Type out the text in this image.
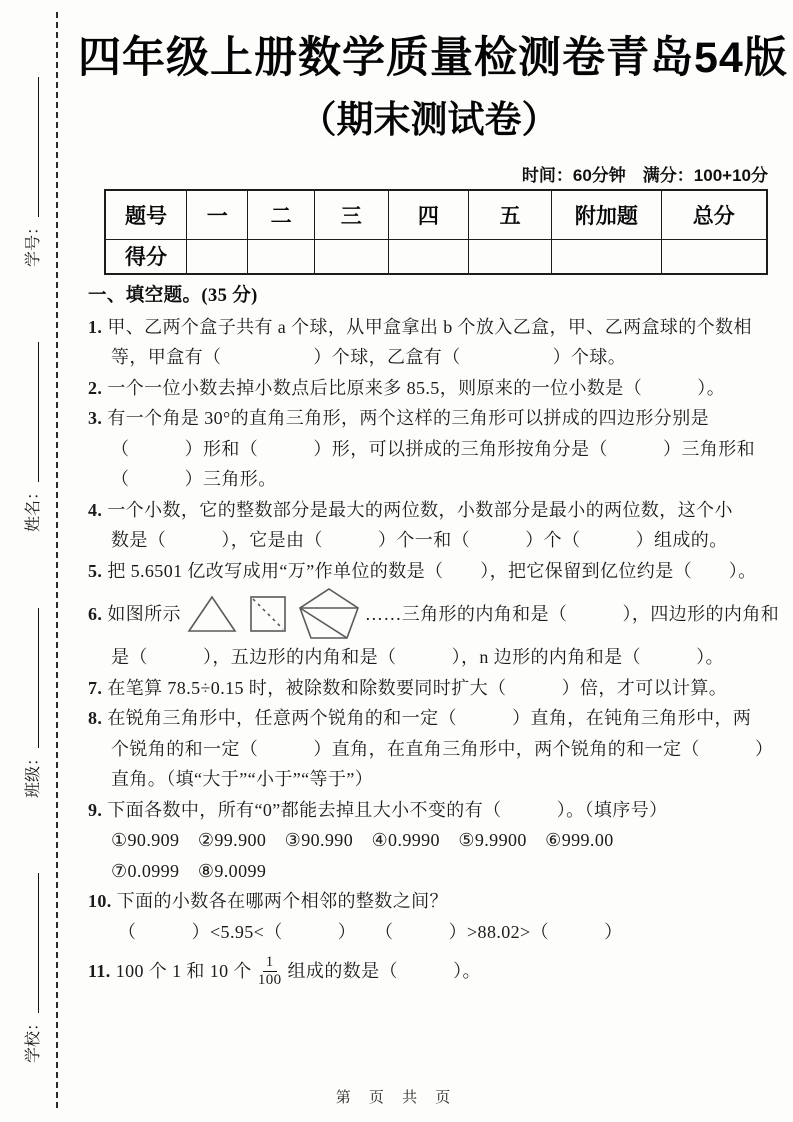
学号：
姓名：
班级：
学校：
四年级上册数学质量检测卷青岛54版
（期末测试卷）
时间：60分钟　满分：100+10分
题号	一	二	三	四	五	附加题	总分
得分							
一、填空题。(35 分)
1. 甲、乙两个盒子共有 a 个球，从甲盒拿出 b 个放入乙盒，甲、乙两盒球的个数相
等，甲盒有（　　　　　）个球，乙盒有（　　　　　）个球。
2. 一个一位小数去掉小数点后比原来多 85.5，则原来的一位小数是（　　　）。
3. 有一个角是 30°的直角三角形，两个这样的三角形可以拼成的四边形分别是
（　　　）形和（　　　）形，可以拼成的三角形按角分是（　　　）三角形和
（　　　）三角形。
4. 一个小数，它的整数部分是最大的两位数，小数部分是最小的两位数，这个小
数是（　　　），它是由（　　　）个一和（　　　）个（　　　）组成的。
5. 把 5.6501 亿改写成用“万”作单位的数是（　　），把它保留到亿位约是（　　）。
6. 如图所示	……三角形的内角和是（　　　），四边形的内角和
是（　　　），五边形的内角和是（　　　），n 边形的内角和是（　　　）。
7. 在笔算 78.5÷0.15 时，被除数和除数要同时扩大（　　　）倍，才可以计算。
8. 在锐角三角形中，任意两个锐角的和一定（　　　）直角，在钝角三角形中，两
个锐角的和一定（　　　）直角，在直角三角形中，两个锐角的和一定（　　　）
直角。（填“大于”“小于”“等于”）
9. 下面各数中，所有“0”都能去掉且大小不变的有（　　　）。（填序号）
①90.909　②99.900　③90.990　④0.9990　⑤9.9900　⑥999.00
⑦0.0999　⑧9.0099
10. 下面的小数各在哪两个相邻的整数之间？
（　　　）<5.95<（　　　）　　（　　　）>88.02>（　　　）
11. 100 个 1 和 10 个 $\frac{1}{100}$ 组成的数是（　　　）。
第 页 共 页
